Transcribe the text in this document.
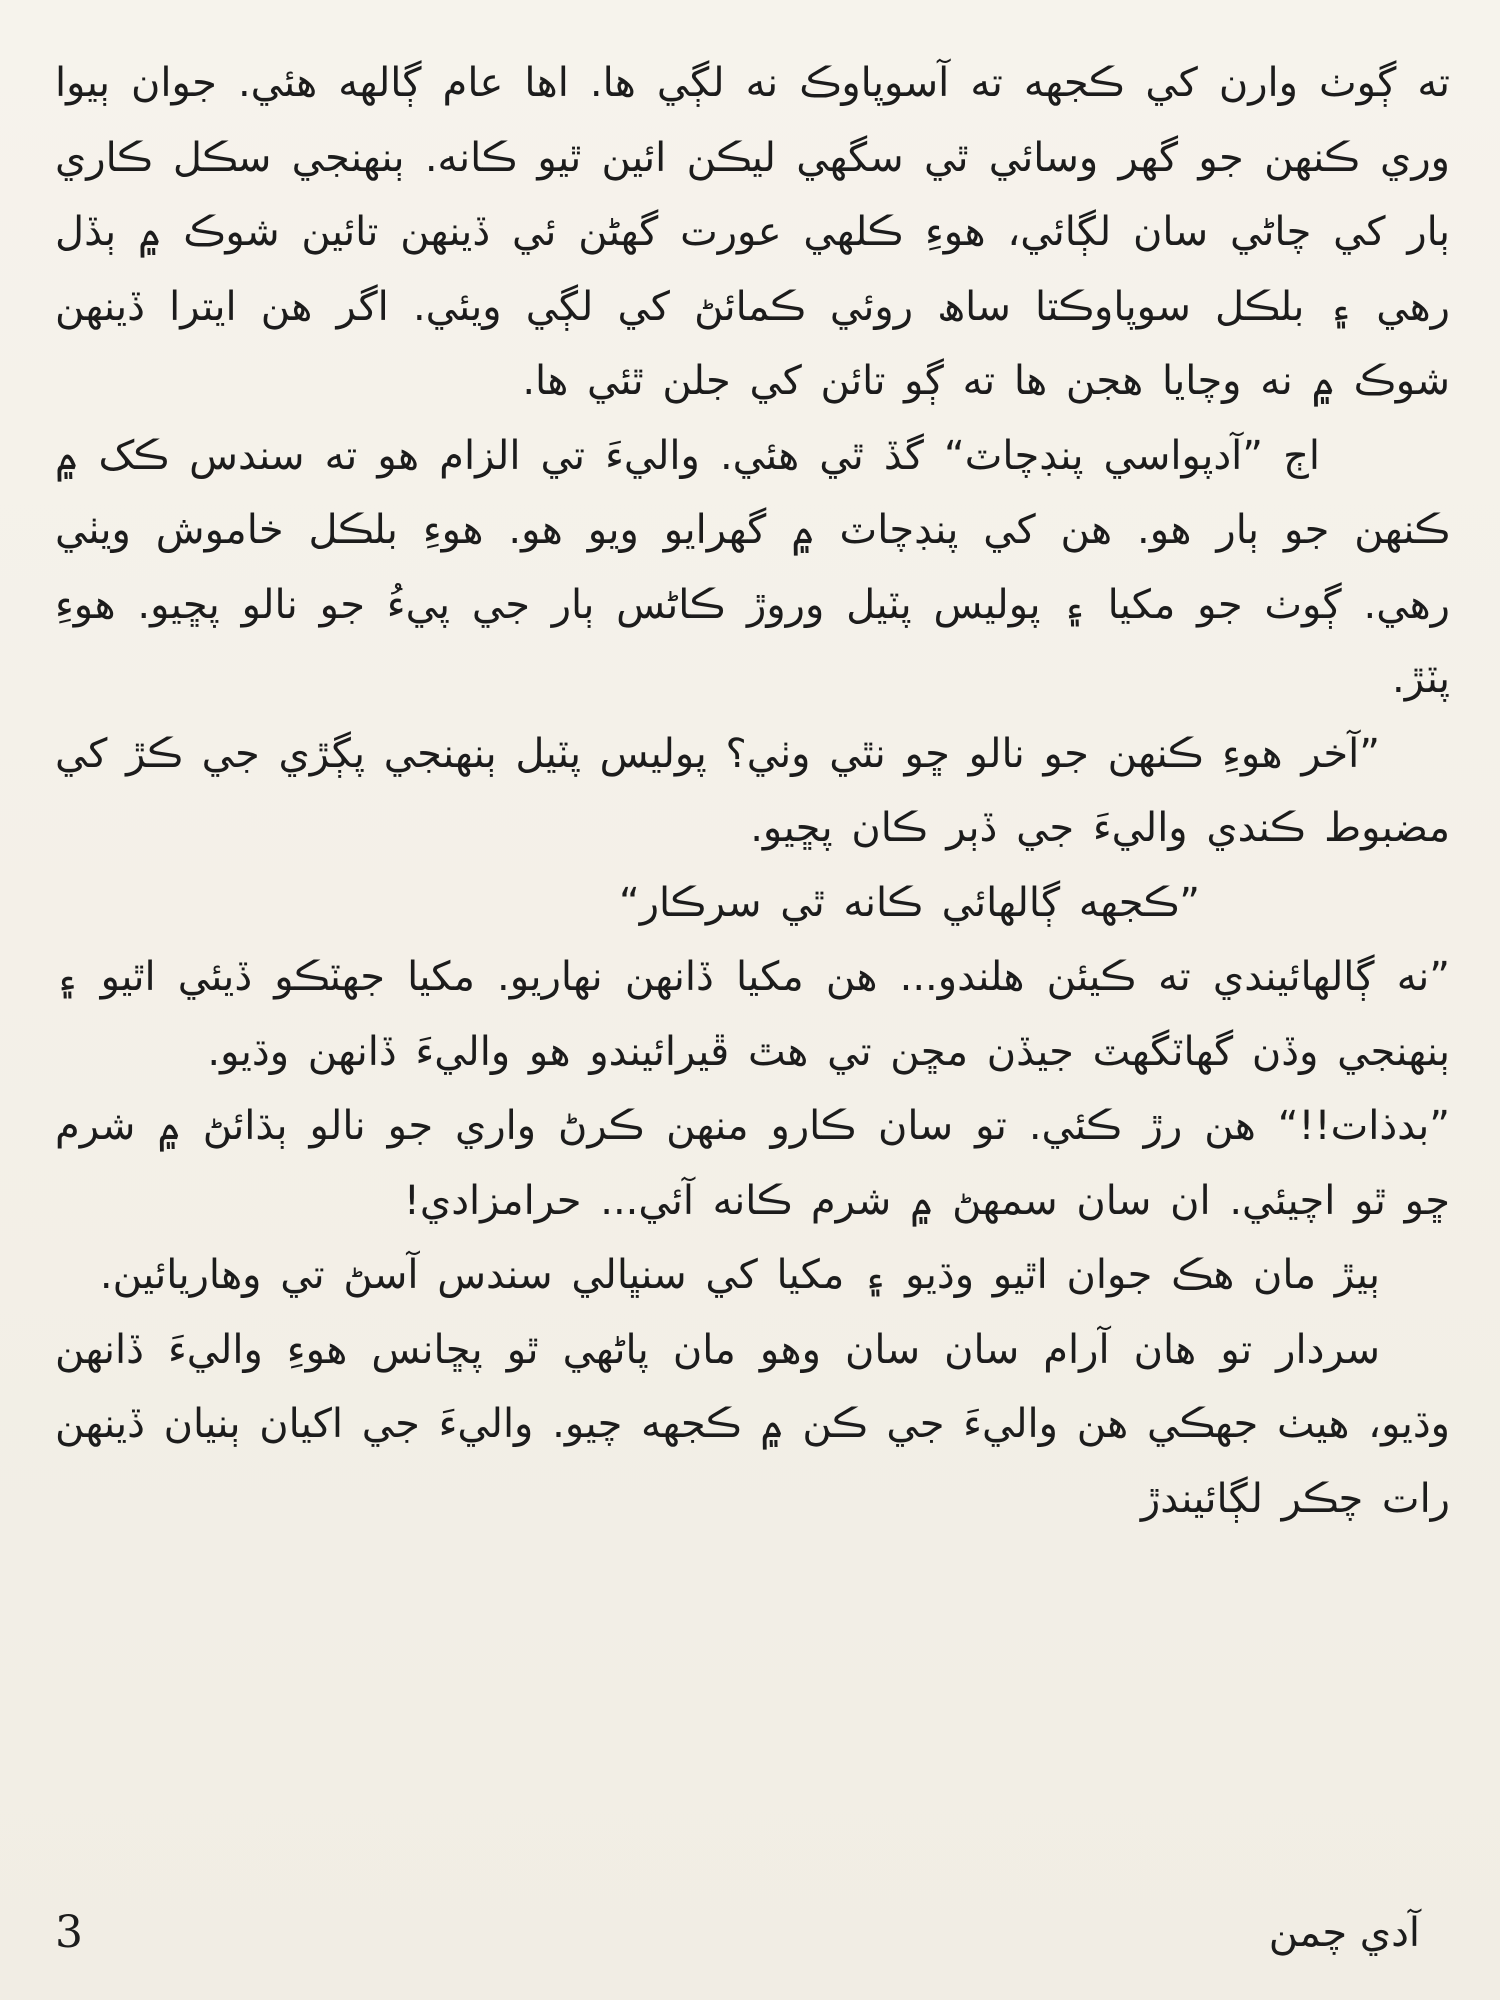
ته ڳوٺ وارن کي ڪجهه ته آسوپاوڪ نه لڳي ها. اها عام ڳالهه هئي. جوان ٻيوا وري ڪنهن جو گهر وسائي ٿي سگهي ليڪن ائين ٿيو ڪانه. ٻنهنجي سڪل ڪاري ٻار کي چاڻي سان لڳائي، هوءِ ڪلهي عورت گهڻن ئي ڏينهن تائين شوڪ ۾ ٻڏل رهي ۽ بلڪل سوپاوڪتا ساھ روئي ڪمائڻ کي لڳي ويئي. اگر هن ايترا ڏينهن شوڪ ۾ نه وچايا هجن ها ته ڳو تائن کي جلن ٿئي ها.

اڄ ”آدپواسي پنڊچاٽ“ گڏ ٿي هئي. واليءَ تي الزام هو ته سندس ڪک ۾ ڪنهن جو ٻار هو. هن کي پنڊچاٽ ۾ گهرايو ويو هو. هوءِ بلڪل خاموش ويٺي رهي. ڳوٺ جو مکيا ۽ پوليس پٽيل وروڙ ڪاڻس ٻار جي پيءُ جو نالو پڇيو. هوءِ پٽڙ.

”آخر هوءِ ڪنهن جو نالو ڇو نٿي وٺي؟ پوليس پٽيل ٻنهنجي پڳڙي جي ڪڙ کي مضبوط ڪندي واليءَ جي ڏٻر ڪان پڇيو.

”ڪجهه ڳالهائي ڪانه ٿي سرڪار“

”نه ڳالهائيندي ته ڪيئن هلندو... هن مکيا ڏانهن نهاريو. مکيا جهٽڪو ڏيئي اٿيو ۽ ٻنهنجي وڏن گهاٽگهٽ جيڏن مڇن تي هٿ ڦيرائيندو هو واليءَ ڏانهن وڌيو.

”بدذات!!“ هن رڙ ڪئي. تو سان ڪارو منهن ڪرڻ واري جو نالو ٻڌائڻ ۾ شرم ڇو ٿو اچيئي. ان سان سمهڻ ۾ شرم ڪانه آئي... حرامزادي!

ٻيڙ مان هڪ جوان اٿيو وڌيو ۽ مکيا کي سنڀالي سندس آسڻ تي وهاريائين.

سردار تو هان آرام سان سان وهو مان پاڻهي ٿو پڇانس هوءِ واليءَ ڏانهن وڌيو، هيٺ جهڪي هن واليءَ جي ڪن ۾ ڪجهه چيو. واليءَ جي اکيان ٻنيان ڏينهن رات چڪر لڳائيندڙ

3	آدي چمن
